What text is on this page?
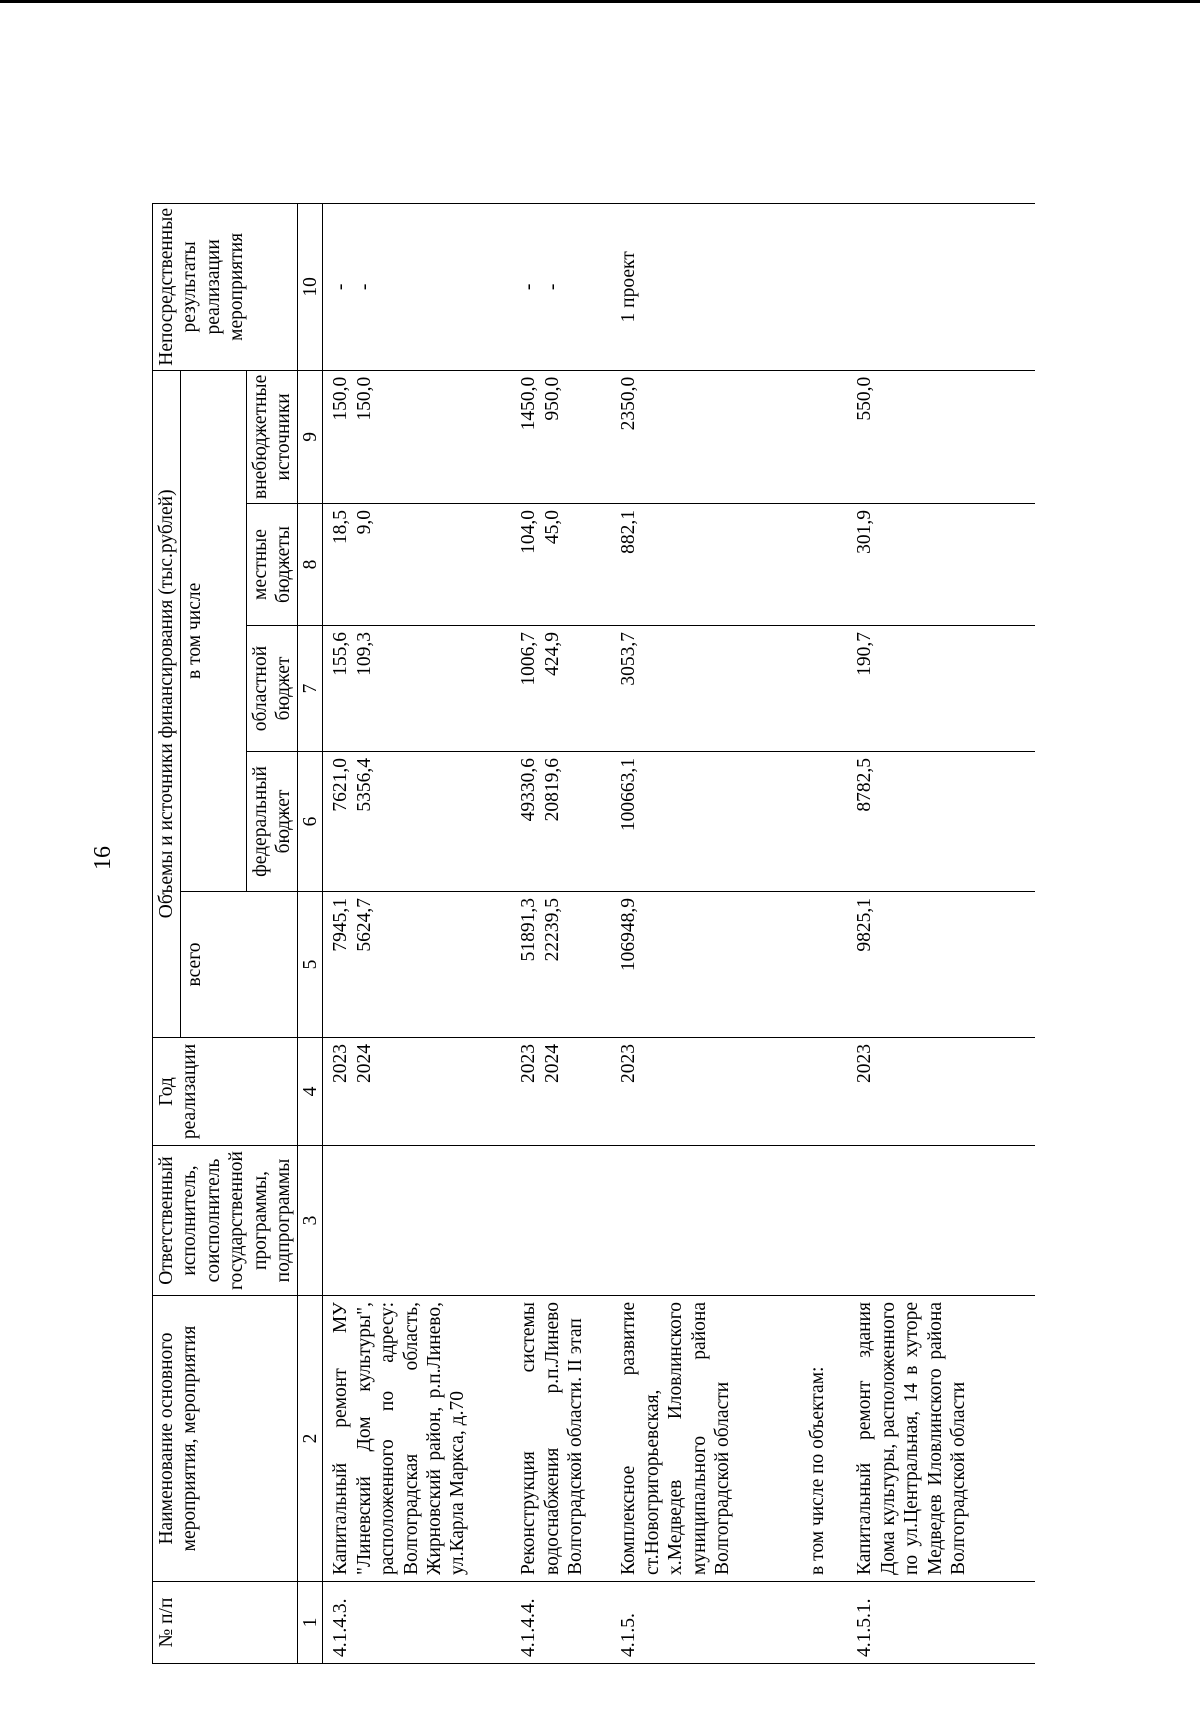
16
№ п/п	Наименование основного мероприятия, мероприятия	Ответственный исполнитель, соисполнитель государственной программы, подпрограммы	Год реализации	Объемы и источники финансирования (тыс.рублей)					Непосредственные результаты реализации мероприятия
				всего	в том числе				
					федеральный бюджет	областной бюджет	местные бюджеты	внебюджетные источники	
1	2	3	4	5	6	7	8	9	10
4.1.4.3.	Капитальный ремонт МУ "Линевский Дом культуры", расположенного по адресу: Волгоградская область, Жирновский район, р.п.Линево, ул.Карла Маркса, д.70		2023 2024	7945,1 5624,7	7621,0 5356,4	155,6 109,3	18,5 9,0	150,0 150,0	- -

4.1.4.4.	Реконструкция системы водоснабжения р.п.Линево Волгоградской области. II этап		2023 2024	51891,3 22239,5	49330,6 20819,6	1006,7 424,9	104,0 45,0	1450,0 950,0	- -

4.1.5.	Комплексное развитие ст.Новогригорьевская, х.Медведев Иловлинского муниципального района Волгоградской области в том числе по объектам:		2023	106948,9	100663,1	3053,7	882,1	2350,0	1 проект

4.1.5.1.	Капитальный ремонт здания Дома культуры, расположенного по ул.Центральная, 14 в хуторе Медведев Иловлинского района Волгоградской области		2023	9825,1	8782,5	190,7	301,9	550,0	
